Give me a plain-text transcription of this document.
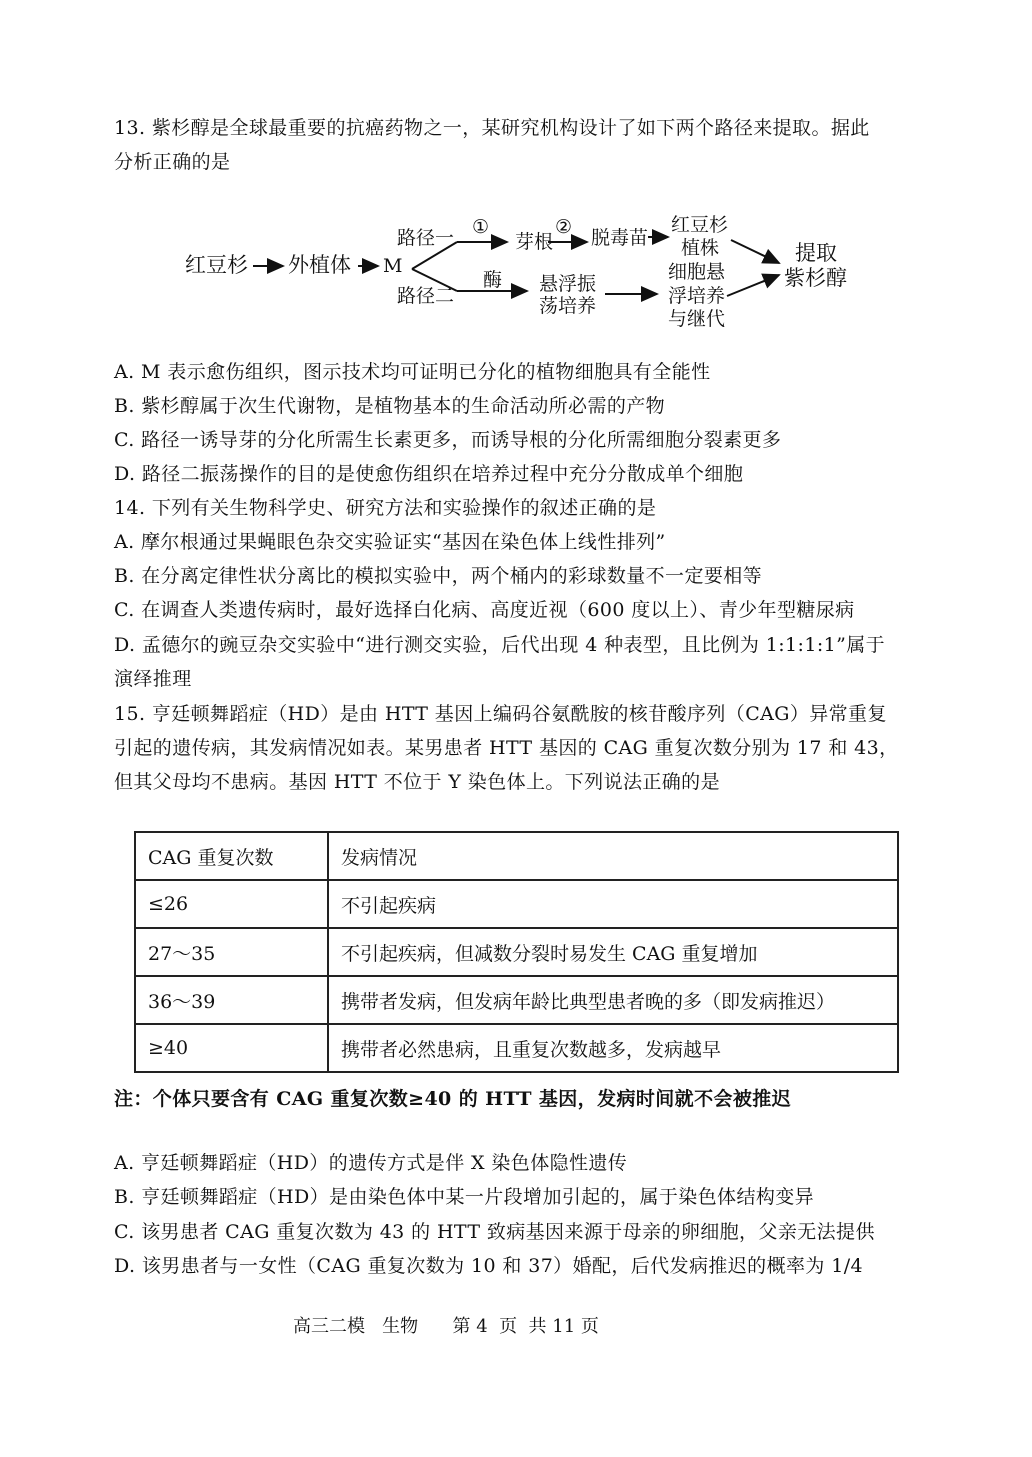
13. 紫杉醇是全球最重要的抗癌药物之一，某研究机构设计了如下两个路径来提取。据此
分析正确的是
红豆杉 外植体 M
路径一
路径二
①
芽根
② 脱毒苗
红豆杉
植株
酶 悬浮振
荡培养
细胞悬
浮培养
与继代
提取
紫杉醇
A. M 表示愈伤组织，图示技术均可证明已分化的植物细胞具有全能性
B. 紫杉醇属于次生代谢物，是植物基本的生命活动所必需的产物
C. 路径一诱导芽的分化所需生长素更多，而诱导根的分化所需细胞分裂素更多
D. 路径二振荡操作的目的是使愈伤组织在培养过程中充分分散成单个细胞
14. 下列有关生物科学史、研究方法和实验操作的叙述正确的是
A. 摩尔根通过果蝇眼色杂交实验证实“基因在染色体上线性排列”
B. 在分离定律性状分离比的模拟实验中，两个桶内的彩球数量不一定要相等
C. 在调查人类遗传病时，最好选择白化病、高度近视（600 度以上）、青少年型糖尿病
D. 孟德尔的豌豆杂交实验中“进行测交实验，后代出现 4 种表型，且比例为 1:1:1:1”属于
演绎推理
15. 亨廷顿舞蹈症（HD）是由 HTT 基因上编码谷氨酰胺的核苷酸序列（CAG）异常重复
引起的遗传病，其发病情况如表。某男患者 HTT 基因的 CAG 重复次数分别为 17 和 43，
但其父母均不患病。基因 HTT 不位于 Y 染色体上。下列说法正确的是
CAG 重复次数	发病情况
≤26	不引起疾病
27～35	不引起疾病，但减数分裂时易发生 CAG 重复增加
36～39	携带者发病，但发病年龄比典型患者晚的多（即发病推迟）
≥40	携带者必然患病，且重复次数越多，发病越早
注：个体只要含有 CAG 重复次数≥40 的 HTT 基因，发病时间就不会被推迟
A. 亨廷顿舞蹈症（HD）的遗传方式是伴 X 染色体隐性遗传
B. 亨廷顿舞蹈症（HD）是由染色体中某一片段增加引起的，属于染色体结构变异
C. 该男患者 CAG 重复次数为 43 的 HTT 致病基因来源于母亲的卵细胞，父亲无法提供
D. 该男患者与一女性（CAG 重复次数为 10 和 37）婚配，后代发病推迟的概率为 1/4
高三二模   生物      第 4  页  共 11 页
